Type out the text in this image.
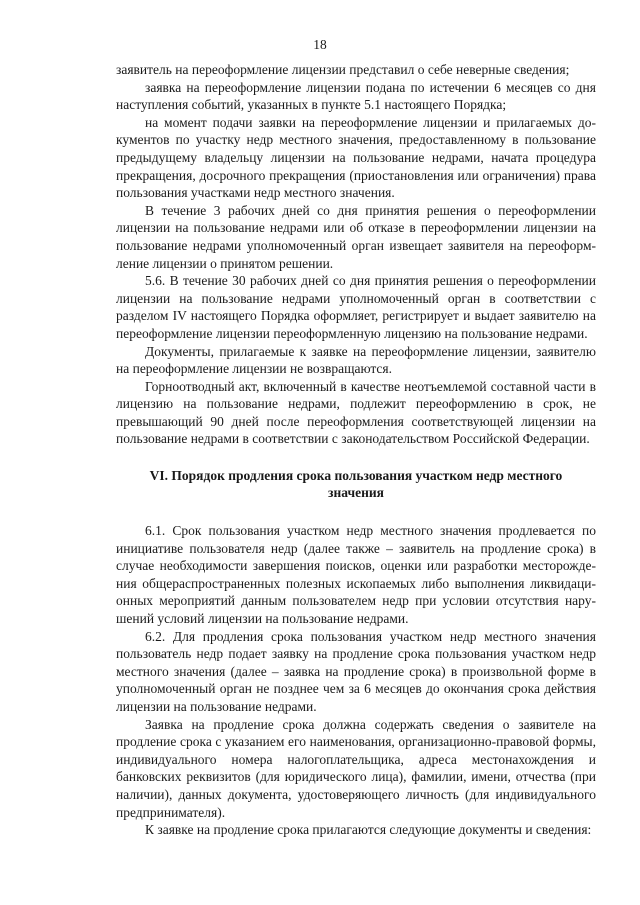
18

заявитель на переоформление лицензии представил о себе неверные сведения;

заявка на переоформление лицензии подана по истечении 6 месяцев со дня наступления событий, указанных в пункте 5.1 настоящего Порядка;

на момент подачи заявки на переоформление лицензии и прилагаемых документов по участку недр местного значения, предоставленному в пользование предыдущему владельцу лицензии на пользование недрами, начата процедура прекращения, досрочного прекращения (приостановления или ограничения) права пользования участками недр местного значения.

В течение 3 рабочих дней со дня принятия решения о переоформлении лицензии на пользование недрами или об отказе в переоформлении лицензии на пользование недрами уполномоченный орган извещает заявителя на переоформление лицензии о принятом решении.

5.6. В течение 30 рабочих дней со дня принятия решения о переоформлении лицензии на пользование недрами уполномоченный орган в соответствии с разделом IV настоящего Порядка оформляет, регистрирует и выдает заявителю на переоформление лицензии переоформленную лицензию на пользование недрами.

Документы, прилагаемые к заявке на переоформление лицензии, заявителю на переоформление лицензии не возвращаются.

Горноотводный акт, включенный в качестве неотъемлемой составной части в лицензию на пользование недрами, подлежит переоформлению в срок, не превышающий 90 дней после переоформления соответствующей лицензии на пользование недрами в соответствии с законодательством Российской Федерации.

VI. Порядок продления срока пользования участком недр местного значения

6.1. Срок пользования участком недр местного значения продлевается по инициативе пользователя недр (далее также – заявитель на продление срока) в случае необходимости завершения поисков, оценки или разработки месторождения общераспространенных полезных ископаемых либо выполнения ликвидационных мероприятий данным пользователем недр при условии отсутствия нарушений условий лицензии на пользование недрами.

6.2. Для продления срока пользования участком недр местного значения пользователь недр подает заявку на продление срока пользования участком недр местного значения (далее – заявка на продление срока) в произвольной форме в уполномоченный орган не позднее чем за 6 месяцев до окончания срока действия лицензии на пользование недрами.

Заявка на продление срока должна содержать сведения о заявителе на продление срока с указанием его наименования, организационно-правовой формы, индивидуального номера налогоплательщика, адреса местонахождения и банковских реквизитов (для юридического лица), фамилии, имени, отчества (при наличии), данных документа, удостоверяющего личность (для индивидуального предпринимателя).

К заявке на продление срока прилагаются следующие документы и сведения:
